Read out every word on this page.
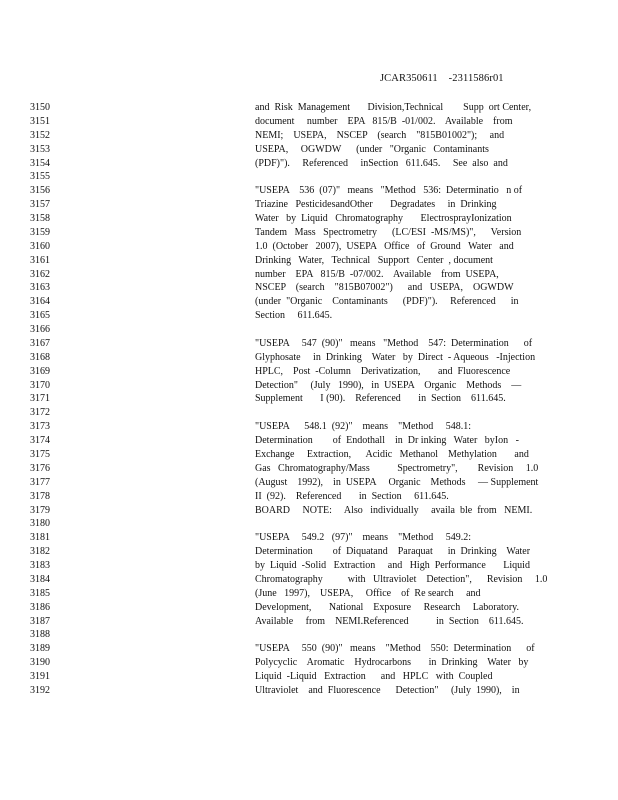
JCAR350611    -2311586r01
3150	and  Risk  Management       Division,Technical        Supp  ort Center,
3151	document     number    EPA   815/B  -01/002.    Available    from
3152	NEMI;    USEPA,    NSCEP    (search    "815B01002");     and
3153	USEPA,     OGWDW      (under   "Organic   Contaminants
3154	(PDF)").     Referenced     inSection   611.645.     See  also  and
3155
3156	"USEPA    536  (07)"   means   "Method   536:  Determinatio   n of
3157	Triazine   PesticidesandOther       Degradates     in  Drinking
3158	Water   by  Liquid   Chromatography       ElectrosprayIonization
3159	Tandem   Mass   Spectrometry      (LC/ESI  -MS/MS)",      Version
3160	1.0  (October   2007),  USEPA   Office   of  Ground   Water   and
3161	Drinking   Water,   Technical   Support   Center  , document
3162	number    EPA   815/B  -07/002.    Available    from  USEPA,
3163	NSCEP    (search    "815B07002")      and   USEPA,    OGWDW
3164	(under  "Organic    Contaminants      (PDF)").     Referenced      in
3165	Section     611.645.
3166
3167	"USEPA     547  (90)"   means   "Method    547:  Determination      of
3168	Glyphosate     in  Drinking    Water   by  Direct  - Aqueous   -Injection
3169	HPLC,    Post  -Column    Derivatization,       and  Fluorescence
3170	Detection"     (July   1990),   in  USEPA    Organic    Methods    —
3171	Supplement       I (90).    Referenced       in  Section    611.645.
3172
3173	"USEPA      548.1  (92)"    means    "Method     548.1:
3174	Determination        of  Endothall    in  Dr inking   Water   byIon   -
3175	Exchange     Extraction,      Acidic   Methanol    Methylation       and
3176	Gas   Chromatography/Mass           Spectrometry",        Revision     1.0
3177	(August    1992),    in  USEPA     Organic    Methods     — Supplement
3178	II  (92).    Referenced       in  Section     611.645.
3179	BOARD     NOTE:     Also   individually     availa  ble  from   NEMI.
3180
3181	"USEPA     549.2   (97)"    means    "Method     549.2:
3182	Determination        of  Diquatand    Paraquat      in  Drinking    Water
3183	by  Liquid  -Solid   Extraction     and   High  Performance       Liquid
3184	Chromatography          with   Ultraviolet    Detection",      Revision     1.0
3185	(June   1997),    USEPA,     Office    of  Re search     and
3186	Development,       National    Exposure     Research     Laboratory.
3187	Available     from    NEMI.Referenced           in  Section    611.645.
3188
3189	"USEPA     550  (90)"   means    "Method    550:  Determination      of
3190	Polycyclic    Aromatic    Hydrocarbons       in  Drinking    Water   by
3191	Liquid  -Liquid   Extraction      and   HPLC   with  Coupled
3192	Ultraviolet    and  Fluorescence      Detection"     (July  1990),    in
